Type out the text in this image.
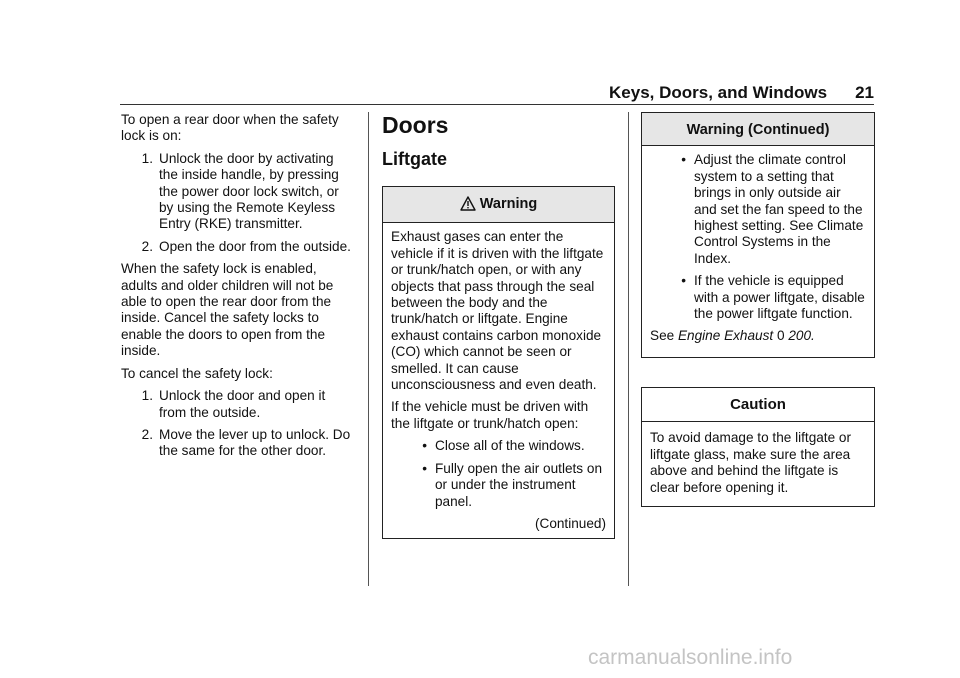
Keys, Doors, and Windows 21

To open a rear door when the safety lock is on:

1. Unlock the door by activating the inside handle, by pressing the power door lock switch, or by using the Remote Keyless Entry (RKE) transmitter.
2. Open the door from the outside.

When the safety lock is enabled, adults and older children will not be able to open the rear door from the inside. Cancel the safety locks to enable the doors to open from the inside.

To cancel the safety lock:

1. Unlock the door and open it from the outside.
2. Move the lever up to unlock. Do the same for the other door.
Doors
Liftgate
Warning

Exhaust gases can enter the vehicle if it is driven with the liftgate or trunk/hatch open, or with any objects that pass through the seal between the body and the trunk/hatch or liftgate. Engine exhaust contains carbon monoxide (CO) which cannot be seen or smelled. It can cause unconsciousness and even death.

If the vehicle must be driven with the liftgate or trunk/hatch open:

• Close all of the windows.
• Fully open the air outlets on or under the instrument panel.

(Continued)

Warning (Continued)
• Adjust the climate control system to a setting that brings in only outside air and set the fan speed to the highest setting. See Climate Control Systems in the Index.
• If the vehicle is equipped with a power liftgate, disable the power liftgate function.

See Engine Exhaust 0 200.

Caution

To avoid damage to the liftgate or liftgate glass, make sure the area above and behind the liftgate is clear before opening it.

carmanualsonline.info
